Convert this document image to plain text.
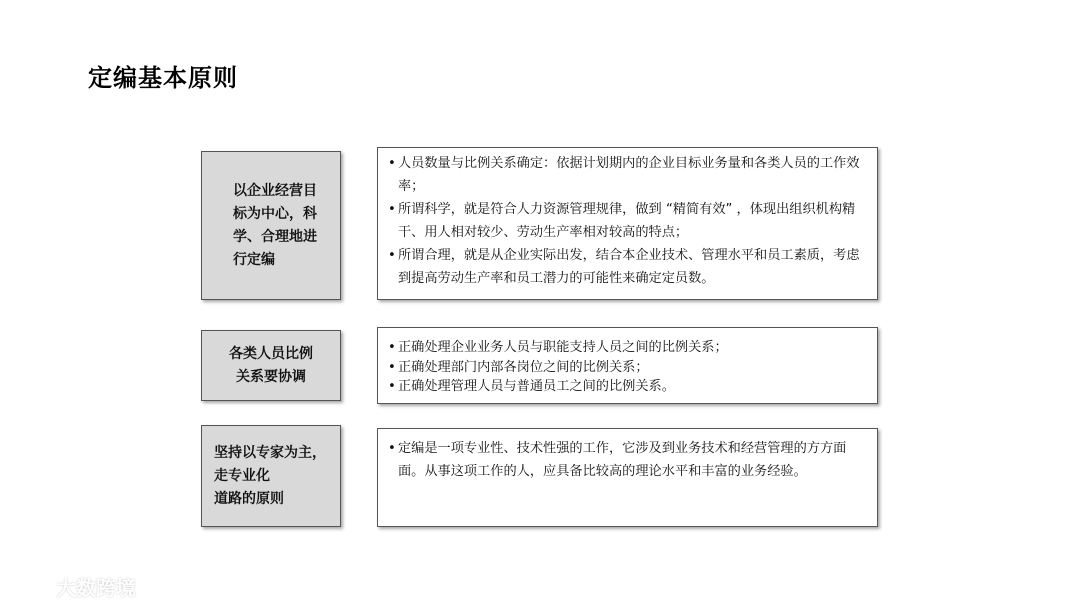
定编基本原则
以企业经营目
标为中心，科
学、合理地进
行定编
• 人员数量与比例关系确定：依据计划期内的企业目标业务量和各类人员的工作效率；
• 所谓科学，就是符合人力资源管理规律，做到 “精简有效” ，体现出组织机构精干、用人相对较少、劳动生产率相对较高的特点；
• 所谓合理，就是从企业实际出发，结合本企业技术、管理水平和员工素质，考虑到提高劳动生产率和员工潜力的可能性来确定定员数。
各类人员比例
关系要协调
• 正确处理企业业务人员与职能支持人员之间的比例关系；
• 正确处理部门内部各岗位之间的比例关系；
• 正确处理管理人员与普通员工之间的比例关系。
坚持以专家为主，
走专业化
道路的原则
• 定编是一项专业性、技术性强的工作，它涉及到业务技术和经营管理的方方面面。从事这项工作的人，应具备比较高的理论水平和丰富的业务经验。
大数跨境
